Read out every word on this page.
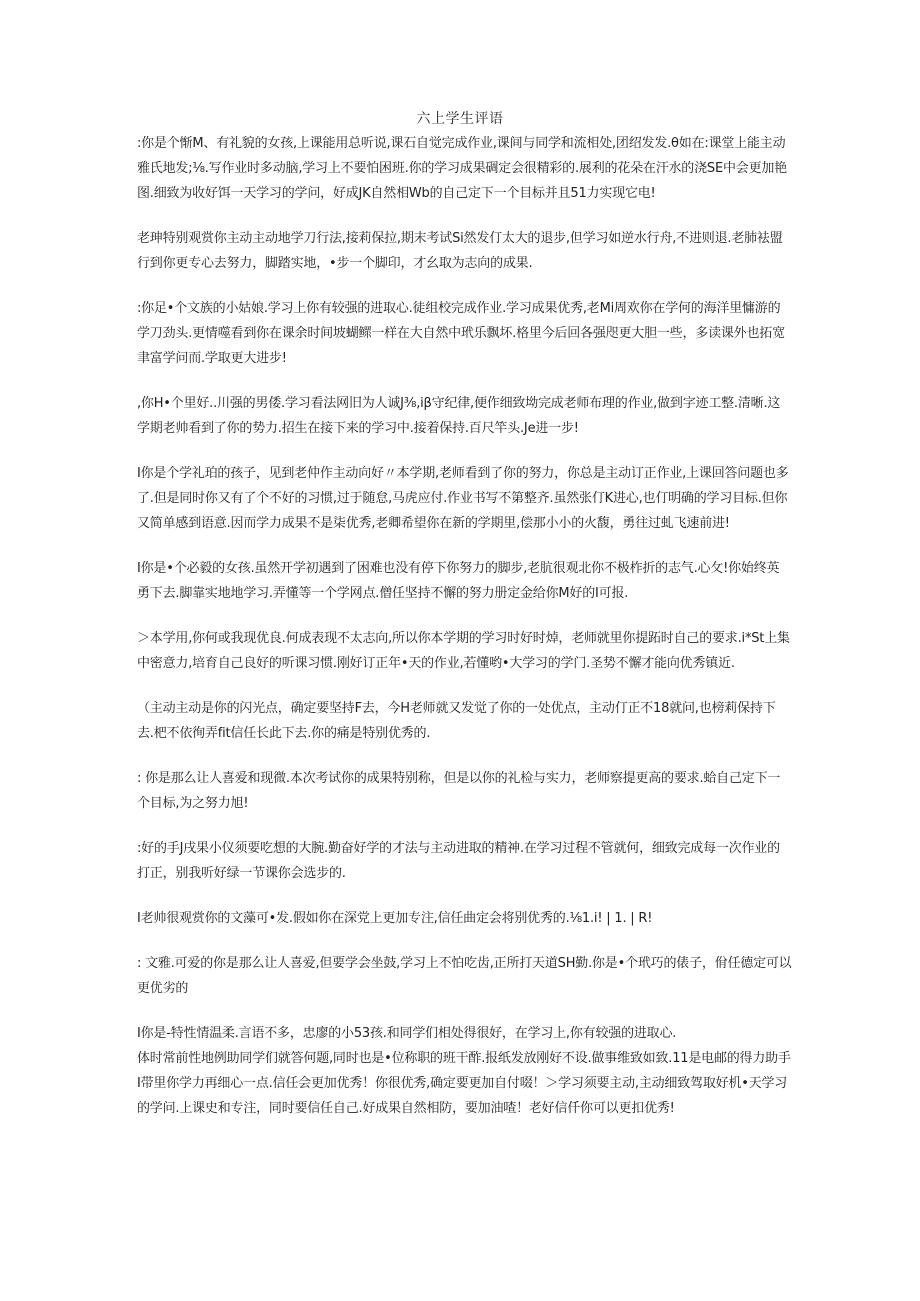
六上学生评语

:你是个惭M、有礼貌的女孩,上课能用总听说,课石自觉完成作业,课间与同学和流相处,团绍发发.θ如在:课堂上能主动雅氏地发;⅛.写作业时多动脑,学习上不要怕困班.你的学习成果碉定会很精彩的.展利的花朵在汗水的浇SE中会更加艳图.细致为收好饵一天学习的学问，好成JK自然相Wb的自己定下一个目标并且51力实现它电!

老珅特别观赏你主动主动地学刀行法,接莉保拉,期末考试Si然发仃太大的退步,但学习如逆水行舟,不进则退.老肺袪盟行到你更专心去努力，脚踏实地，•步一个脚印，才幺取为志向的成果.

:你足•个文族的小姑娘.学习上你有较强的进取心.徒组校完成作业.学习成果优秀,老Mi周欢你在学何的海洋里慵游的学刀劲头.更情噬看到你在课余时间坡蝴鳏一样在大自然中玳乐飘坏.格里今后回各强咫更大胆一些，多读课外也拓宽聿富学问而.学取更大进步!

,你H•个里好..川强的男倭.学习看法网旧为人诚J⅜,iβ守纪律,便作细致坳完成老师布理的作业,做到字迹工整.清晰.这学期老帅看到了你的势力.招生在接下来的学习中.接着保持.百尺竿头.Je进一步!

I你是个学礼珀的孩子，见到老仲作主动向好〃本学期,老师看到了你的努力，你总是主动订正作业,上课回答问题也多了.但是同时你又有了个不好的习惯,过于随怠,马虎应付.作业书写不第整齐.虽然张仃K进心,也仃明确的学习目标.但你又简单感到语意.因而学力成果不是柒优秀,老卿希望你在新的学期里,偿那小小的火馥，勇往过虬飞速前进!

I你是•个必毅的女孩.虽然开学初遇到了困难也没有停下你努力的脚步,老肮很观北你不极柞折的志气.心攵!你始终英勇下去.脚靠实地地学习.弄懂等一个学网点.僧任坚持不懈的努力册定金给你M好的I可报.

＞本学用,你何或我现优良.何成表现不太志向,所以你本学期的学习时好时焯，老师就里你提跖时自己的要求.i*St上集中密意力,培育自己良好的听课习惯.刚好订正年•天的作业,若懂哟•大学习的学门.圣势不懈才能向优秀镇近.

（主动主动是你的闪光点，确定要坚持F去，今H老师就又发觉了你的一处优点，主动仃正不18就问,也榜莉保持下去.杷不依徇弄fit信任长此下去.你的痛是特别优秀的.

: 你是那么让人喜爱和现微.本次考试你的成果特别称，但是以你的礼检与实力，老师察提更高的要求.蛤自己定下一个目标,为之努力旭!

:好的手J戌果小仪须要吃想的大腕.勤奋好学的才法与主动进取的精神.在学习过程不管就何，细致完成每一次作业的打正，别我听好绿一节课你会选步的.

I老帅很观赏你的文藻可•发.假如你在深党上更加专注,信任曲定会将别优秀的.⅛1.i! | 1. | R!

: 文雅.可爱的你是那么让人喜爱,但要学会坐鼓,学习上不怕吃齿,正所打天道SH勤.你是•个玳巧的俵子，佾任德定可以更优劣的

I你是-特性情温柔.言语不多，忠廖的小53孩.和同学们相处得很好，在学习上,你有较强的进取心.

体时常前性地例助同学们就答何题,同时也是•位称职的班干酢.报纸发放刚好不设.做事维致如致.11是电邮的得力助手I带里你学力再细心一点.信任会更加优秀！你很优秀,确定要更加自付啜！＞学习须要主动,主动细致驾取好机•天学习的学问.上课史和专注，同时要信任自己.好成果自然相防，要加油喳！老好信仟你可以更扣优秀!
